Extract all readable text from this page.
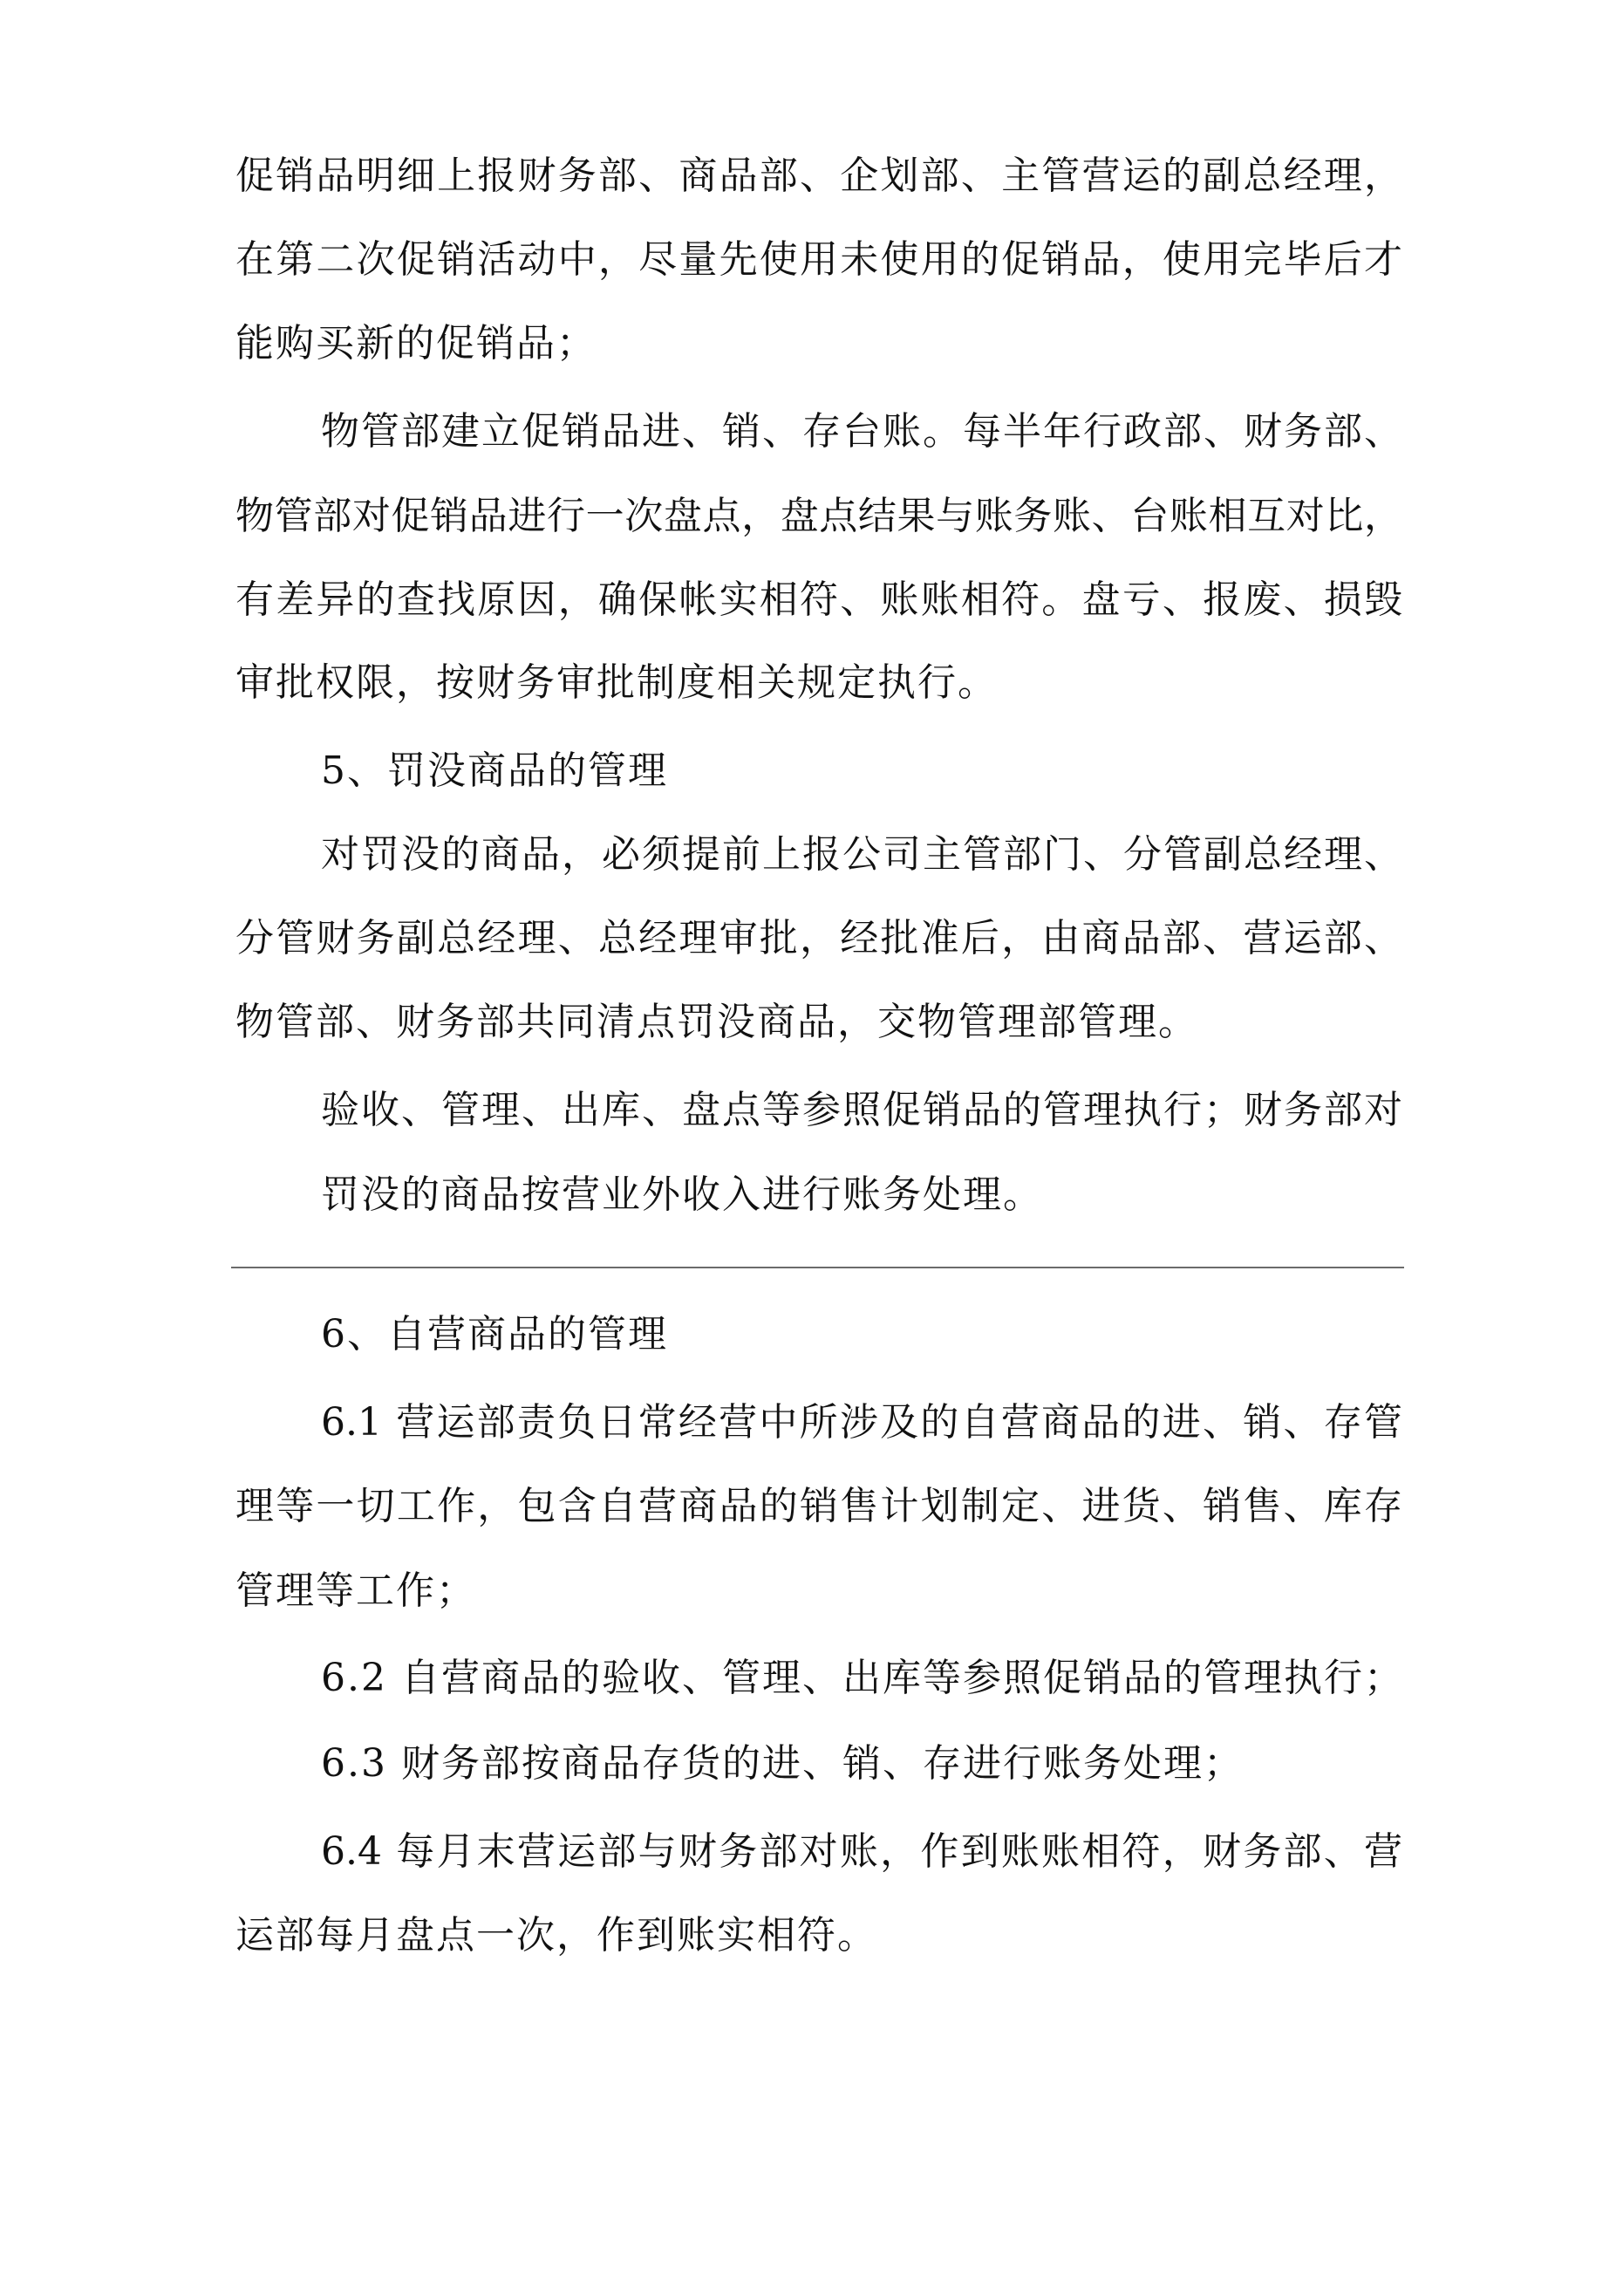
促销品明细上报财务部、商品部、企划部、主管营运的副总经理，
在第二次促销活动中，尽量先使用未使用的促销品，使用完毕后才
能购买新的促销品；
物管部建立促销品进、销、存台账。每半年行政部、财务部、
物管部对促销品进行一次盘点，盘点结果与账务账、台账相互对比，
有差异的查找原因，确保帐实相符、账账相符。盘亏、报废、损毁
审批权限，按财务审批制度相关规定执行。
5、罚没商品的管理
对罚没的商品，必须提前上报公司主管部门、分管副总经理、
分管财务副总经理、总经理审批，经批准后，由商品部、营运部、
物管部、财务部共同清点罚没商品，交物管理部管理。
验收、管理、出库、盘点等参照促销品的管理执行；财务部对
罚没的商品按营业外收入进行账务处理。
6、自营商品的管理
6.1 营运部责负日常经营中所涉及的自营商品的进、销、存管
理等一切工作，包含自营商品的销售计划制定、进货、销售、库存
管理等工作；
6.2 自营商品的验收、管理、出库等参照促销品的管理执行；
6.3 财务部按商品存货的进、销、存进行账务处理；
6.4 每月末营运部与财务部对账，作到账账相符，财务部、营
运部每月盘点一次，作到账实相符。
